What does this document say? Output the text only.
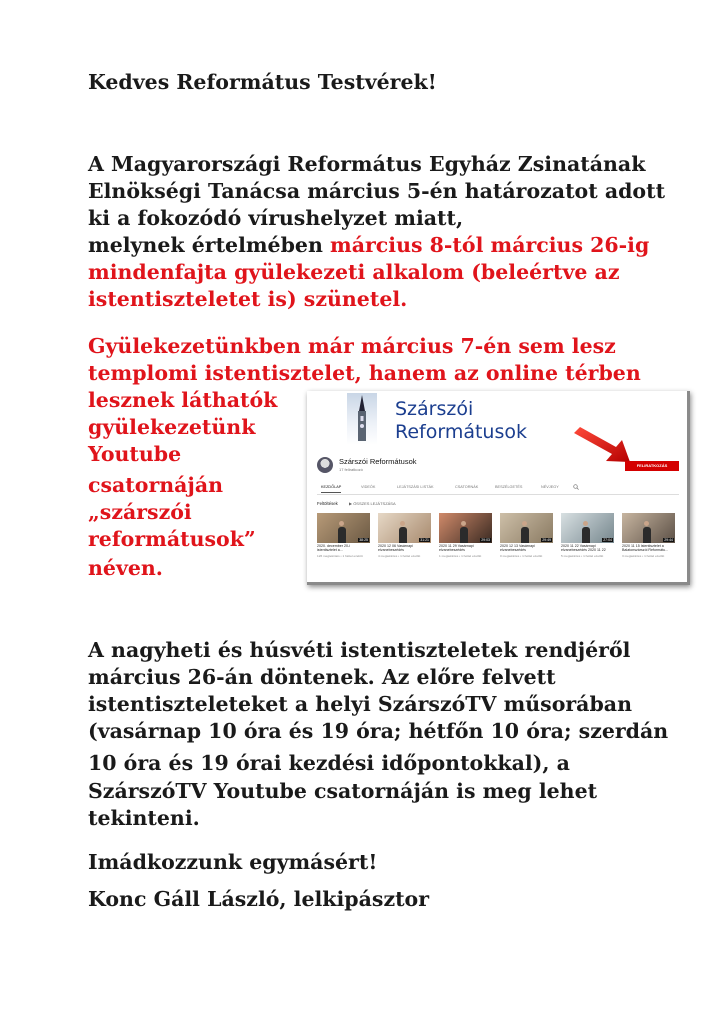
Kedves Református Testvérek!

A Magyarországi Református Egyház Zsinatának

Elnökségi Tanácsa március 5-én határozatot adott

ki a fokozódó vírushelyzet miatt,

melynek értelmében március 8-tól március 26-ig

mindenfajta gyülekezeti alkalom (beleértve az

istentiszteletet is) szünetel.

Gyülekezetünkben már március 7-én sem lesz

templomi istentisztelet, hanem az online térben

lesznek láthatók

gyülekezetünk

Youtube

csatornáján

„szárszói

reformátusok”

néven.

Szárszói
Reformátusok
FELIRATKOZÁS
Szárszói Reformátusok
17 feliratkozó
KEZDŐLAP	VIDEÓK	LEJÁTSZÁSI LISTÁK	CSATORNÁK	BESZÉLGETÉS	NÉVJEGY
Feltöltések	▶ ÖSSZES LEJÁTSZÁSA
38:25
2020. december 20-i
istentisztelet a...
126 megtekintés • 1 héttel ezelőtt
31:21
2020 12 06 Vasárnapi
elvanebeszédés
4 megtekintés • 1 héttel ezelőtt
29:03
2020 11 29 Vasárnapi
elvanebeszédés
1 megtekintés • 1 héttel ezelőtt
29:49
2020 12 13 Vasárnapi
elvanebeszédés
0 megtekintés • 1 héttel ezelőtt
27:04
2020 11 22 Vasárnapi
elvanebeszédés 2020 11 22
5 megtekintés • 1 héttel ezelőtt
29:44
2020 11 15 Istentisztelet a
Balatonszárszói Reformátu...
3 megtekintés • 1 héttel ezelőtt

A nagyheti és húsvéti istentiszteletek rendjéről

március 26-án döntenek. Az előre felvett

istentiszteleteket a helyi SzárszóTV műsorában

(vasárnap 10 óra és 19 óra; hétfőn 10 óra; szerdán

10 óra és 19 órai kezdési időpontokkal), a

SzárszóTV Youtube csatornáján is meg lehet

tekinteni.

Imádkozzunk egymásért!

Konc Gáll László, lelkipásztor
